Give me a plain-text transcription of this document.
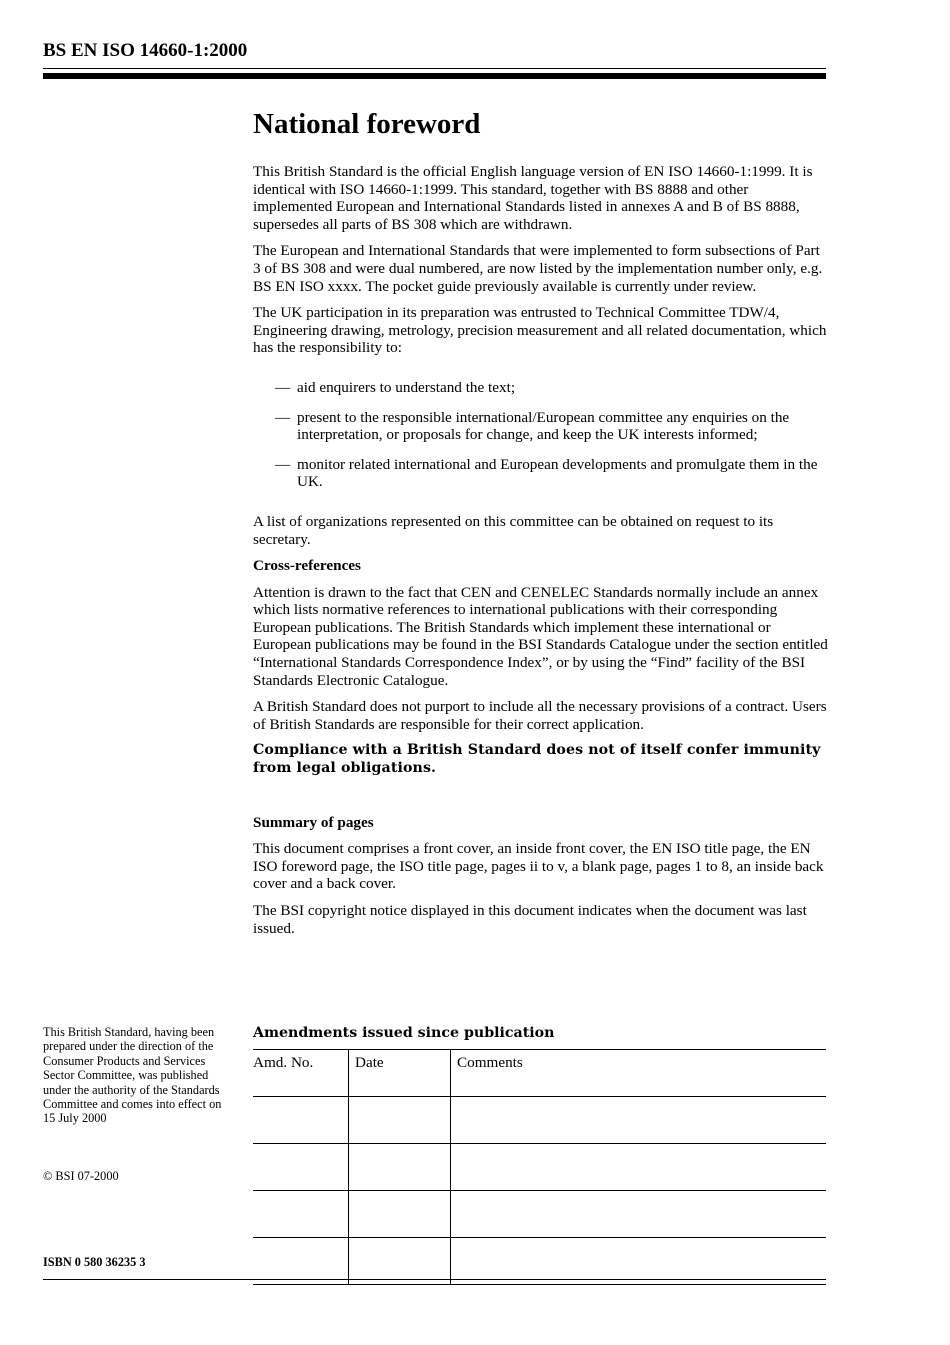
BS EN ISO 14660-1:2000
National foreword

This British Standard is the official English language version of EN ISO 14660-1:1999. It is identical with ISO 14660-1:1999. This standard, together with BS 8888 and other implemented European and International Standards listed in annexes A and B of BS 8888, supersedes all parts of BS 308 which are withdrawn.

The European and International Standards that were implemented to form subsections of Part 3 of BS 308 and were dual numbered, are now listed by the implementation number only, e.g. BS EN ISO xxxx. The pocket guide previously available is currently under review.

The UK participation in its preparation was entrusted to Technical Committee TDW/4, Engineering drawing, metrology, precision measurement and all related documentation, which has the responsibility to:

— aid enquirers to understand the text;
— present to the responsible international/European committee any enquiries on the interpretation, or proposals for change, and keep the UK interests informed;
— monitor related international and European developments and promulgate them in the UK.

A list of organizations represented on this committee can be obtained on request to its secretary.

Cross-references

Attention is drawn to the fact that CEN and CENELEC Standards normally include an annex which lists normative references to international publications with their corresponding European publications. The British Standards which implement these international or European publications may be found in the BSI Standards Catalogue under the section entitled “International Standards Correspondence Index”, or by using the “Find” facility of the BSI Standards Electronic Catalogue.

A British Standard does not purport to include all the necessary provisions of a contract. Users of British Standards are responsible for their correct application.

Compliance with a British Standard does not of itself confer immunity from legal obligations.

Summary of pages

This document comprises a front cover, an inside front cover, the EN ISO title page, the EN ISO foreword page, the ISO title page, pages ii to v, a blank page, pages 1 to 8, an inside back cover and a back cover.

The BSI copyright notice displayed in this document indicates when the document was last issued.

This British Standard, having been prepared under the direction of the Consumer Products and Services Sector Committee, was published under the authority of the Standards Committee and comes into effect on 15 July 2000
© BSI 07-2000
ISBN 0 580 36235 3
Amendments issued since publication
Amd. No.	Date	Comments
